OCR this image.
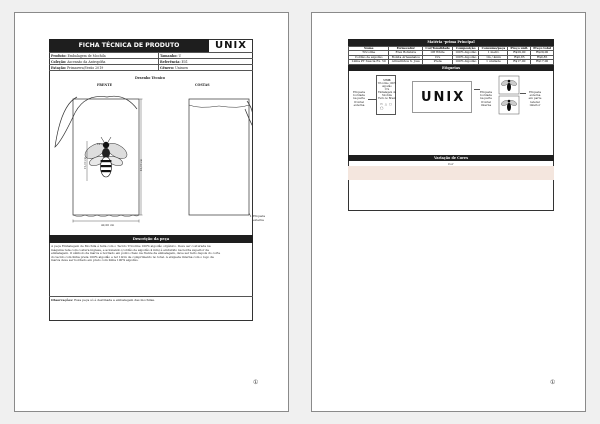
FICHA TÉCNICA DE PRODUTO	UNIX
Produto: Embalagem de Mochila	Tamanho: U
Coleção: Ascensão da Antropófia	Referência: E51
Estação: Primavera/Verão 2019	Gênero: Unissex
Desenho Técnico
FRENTE	COSTAS
45,00 cm
15,00 cm
10 cm
42,00 cm
Etiqueta
externa
Descrição da peça
A peça Embalagem de Mochila é feita com o Tecido Tricoline 100% algodão orgânico. Deve ser costurada na
máquina reta com costura inglesa, e acionando (cordão de algodão 4 mm) é embutido na borda superior da
embalagem. O símbolo da marca é bordado em ponto cheio na frente da embalagem, deve ser feito depois do corte
do tecido com linha preta 100% algodão e ter 10cm de comprimento no total. A etiqueta interna com o logo da
marca deve ser bordado em preto com linha 100% algodão.
Observações: Essa peça só é destinada a embalagem das mochilas.
①
Matéria -prima Principal
Nome	Fornecedor	Cor/Tonalidade	Composição	Consumo/peça	Preço unit.	Preço total
Tricoline	Etex Botânica	Off White	100% Algodão	1 metro	R$29,00	R$29,00
Cordão de algodão	Bonita Artesanatos	Cru	100% Algodão	1m / 4mm	R$0,85	R$0,85
Linha PT Suécia Ex. 50	Armarinhos S. José	Preta	100% Algodão	1 unidade	R$17,00	R$17,00

Etiquetas
Etiqueta
bordada
na parte
frontal
externa
UNIX
Tricoline 100% algodão
Cru
Embalagem de Mochila
Feito no Brasil
▭ △ ▢ ◯
UNIX	Etiqueta
bordada
na parte
frontal
interna
Etiqueta
externa
em parte
lateral
inferior
Variação de Cores
Cor
①
